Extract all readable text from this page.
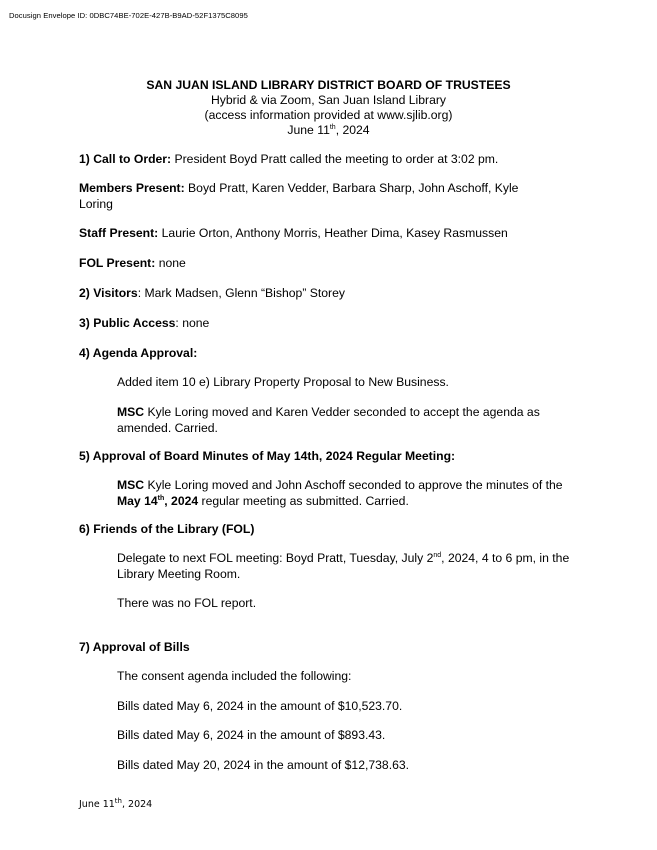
Docusign Envelope ID: 0DBC74BE-702E-427B-B9AD-52F1375C8095
SAN JUAN ISLAND LIBRARY DISTRICT BOARD OF TRUSTEES
Hybrid & via Zoom, San Juan Island Library
(access information provided at www.sjlib.org)
June 11th, 2024
1) Call to Order: President Boyd Pratt called the meeting to order at 3:02 pm.
Members Present: Boyd Pratt, Karen Vedder, Barbara Sharp, John Aschoff, Kyle Loring
Staff Present: Laurie Orton, Anthony Morris, Heather Dima, Kasey Rasmussen
FOL Present: none
2) Visitors: Mark Madsen, Glenn “Bishop” Storey
3) Public Access: none
4) Agenda Approval:
Added item 10 e) Library Property Proposal to New Business.
MSC Kyle Loring moved and Karen Vedder seconded to accept the agenda as amended. Carried.
5) Approval of Board Minutes of May 14th, 2024 Regular Meeting:
MSC Kyle Loring moved and John Aschoff seconded to approve the minutes of the May 14th, 2024 regular meeting as submitted. Carried.
6) Friends of the Library (FOL)
Delegate to next FOL meeting: Boyd Pratt, Tuesday, July 2nd, 2024, 4 to 6 pm, in the Library Meeting Room.
There was no FOL report.
7) Approval of Bills
The consent agenda included the following:
Bills dated May 6, 2024 in the amount of $10,523.70.
Bills dated May 6, 2024 in the amount of $893.43.
Bills dated May 20, 2024 in the amount of $12,738.63.
June 11th, 2024
